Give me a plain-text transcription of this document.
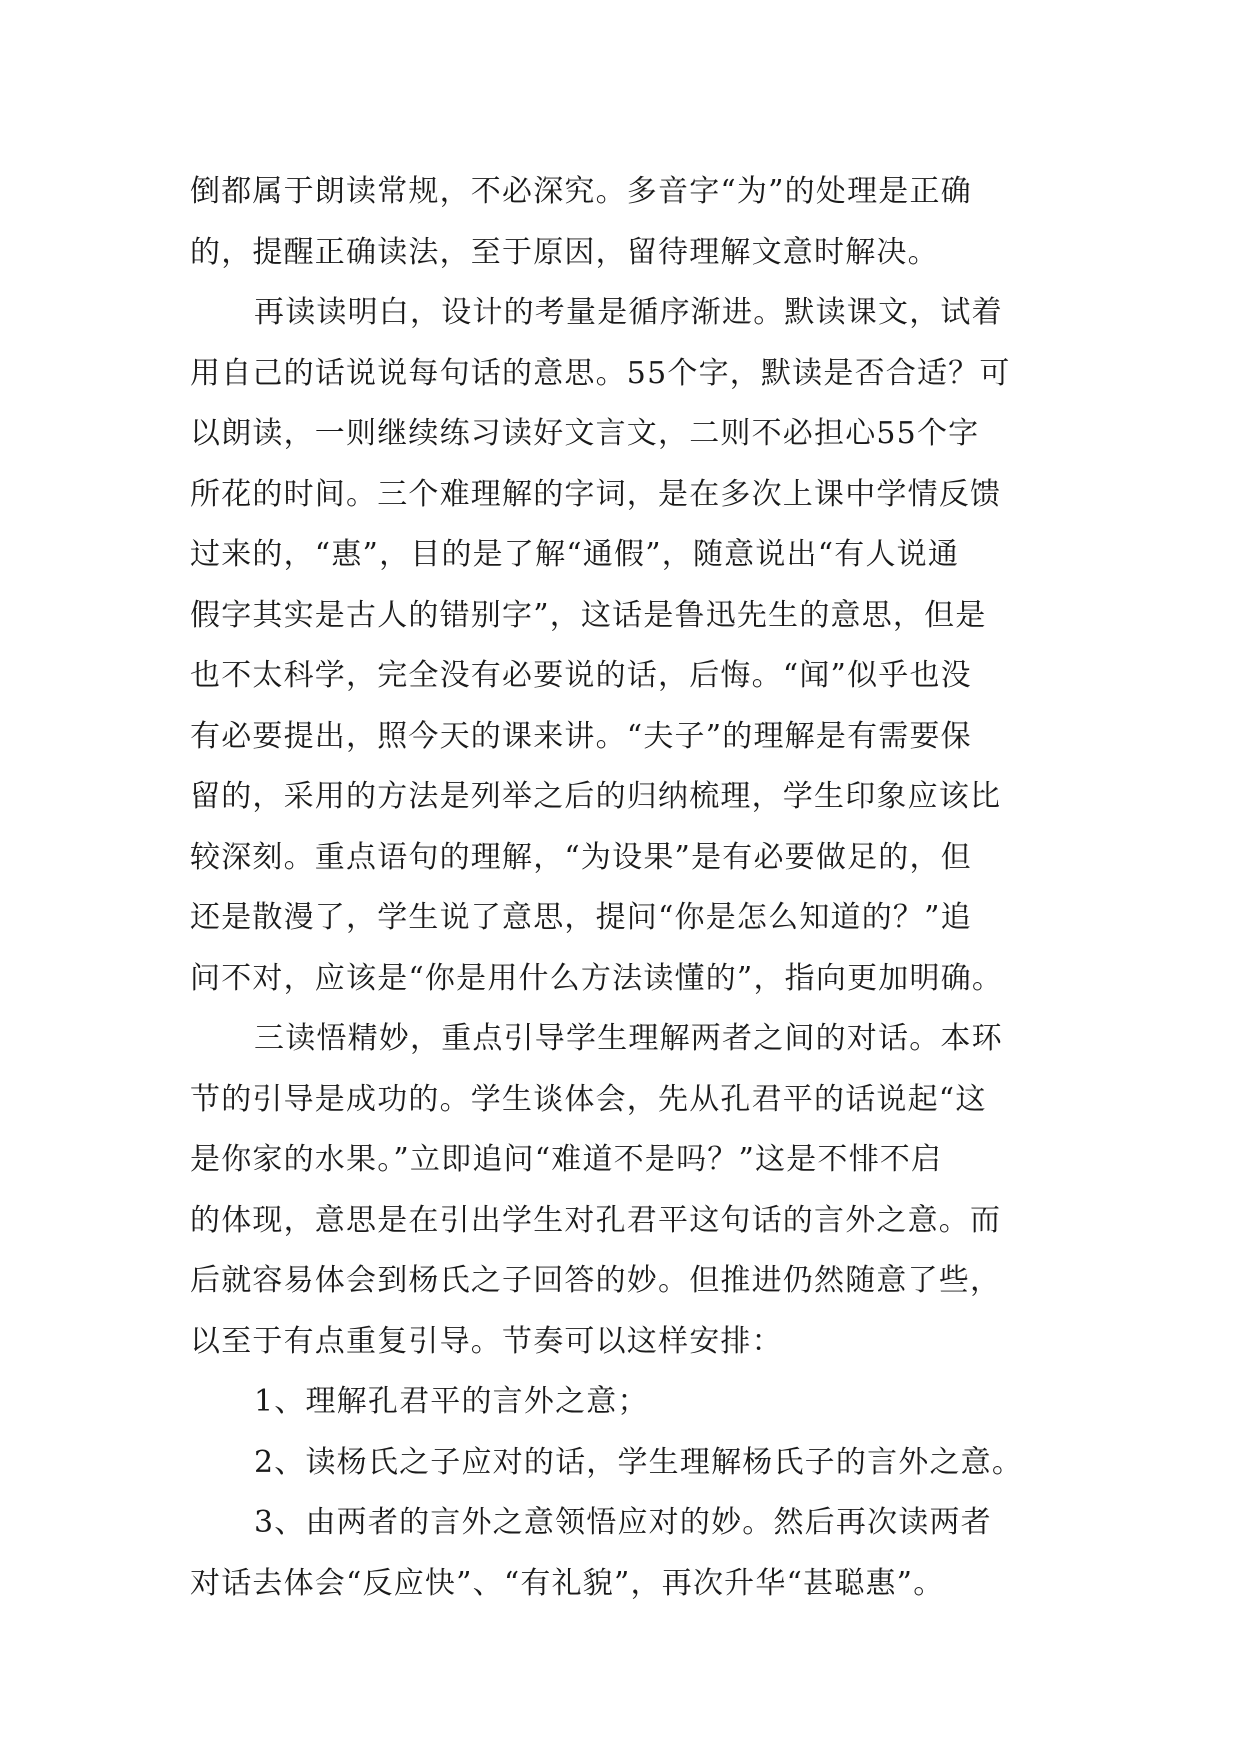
倒都属于朗读常规，不必深究。多音字“为”的处理是正确
的，提醒正确读法，至于原因，留待理解文意时解决。
再读读明白，设计的考量是循序渐进。默读课文，试着
用自己的话说说每句话的意思。55个字，默读是否合适？可
以朗读，一则继续练习读好文言文，二则不必担心55个字
所花的时间。三个难理解的字词，是在多次上课中学情反馈
过来的，“惠”，目的是了解“通假”，随意说出“有人说通
假字其实是古人的错别字”，这话是鲁迅先生的意思，但是
也不太科学，完全没有必要说的话，后悔。“闻”似乎也没
有必要提出，照今天的课来讲。“夫子”的理解是有需要保
留的，采用的方法是列举之后的归纳梳理，学生印象应该比
较深刻。重点语句的理解，“为设果”是有必要做足的，但
还是散漫了，学生说了意思，提问“你是怎么知道的？”追
问不对，应该是“你是用什么方法读懂的”，指向更加明确。
三读悟精妙，重点引导学生理解两者之间的对话。本环
节的引导是成功的。学生谈体会，先从孔君平的话说起“这
是你家的水果。”立即追问“难道不是吗？”这是不悱不启
的体现，意思是在引出学生对孔君平这句话的言外之意。而
后就容易体会到杨氏之子回答的妙。但推进仍然随意了些，
以至于有点重复引导。节奏可以这样安排：
1、理解孔君平的言外之意；
2、读杨氏之子应对的话，学生理解杨氏子的言外之意。
3、由两者的言外之意领悟应对的妙。然后再次读两者
对话去体会“反应快”、“有礼貌”，再次升华“甚聪惠”。
